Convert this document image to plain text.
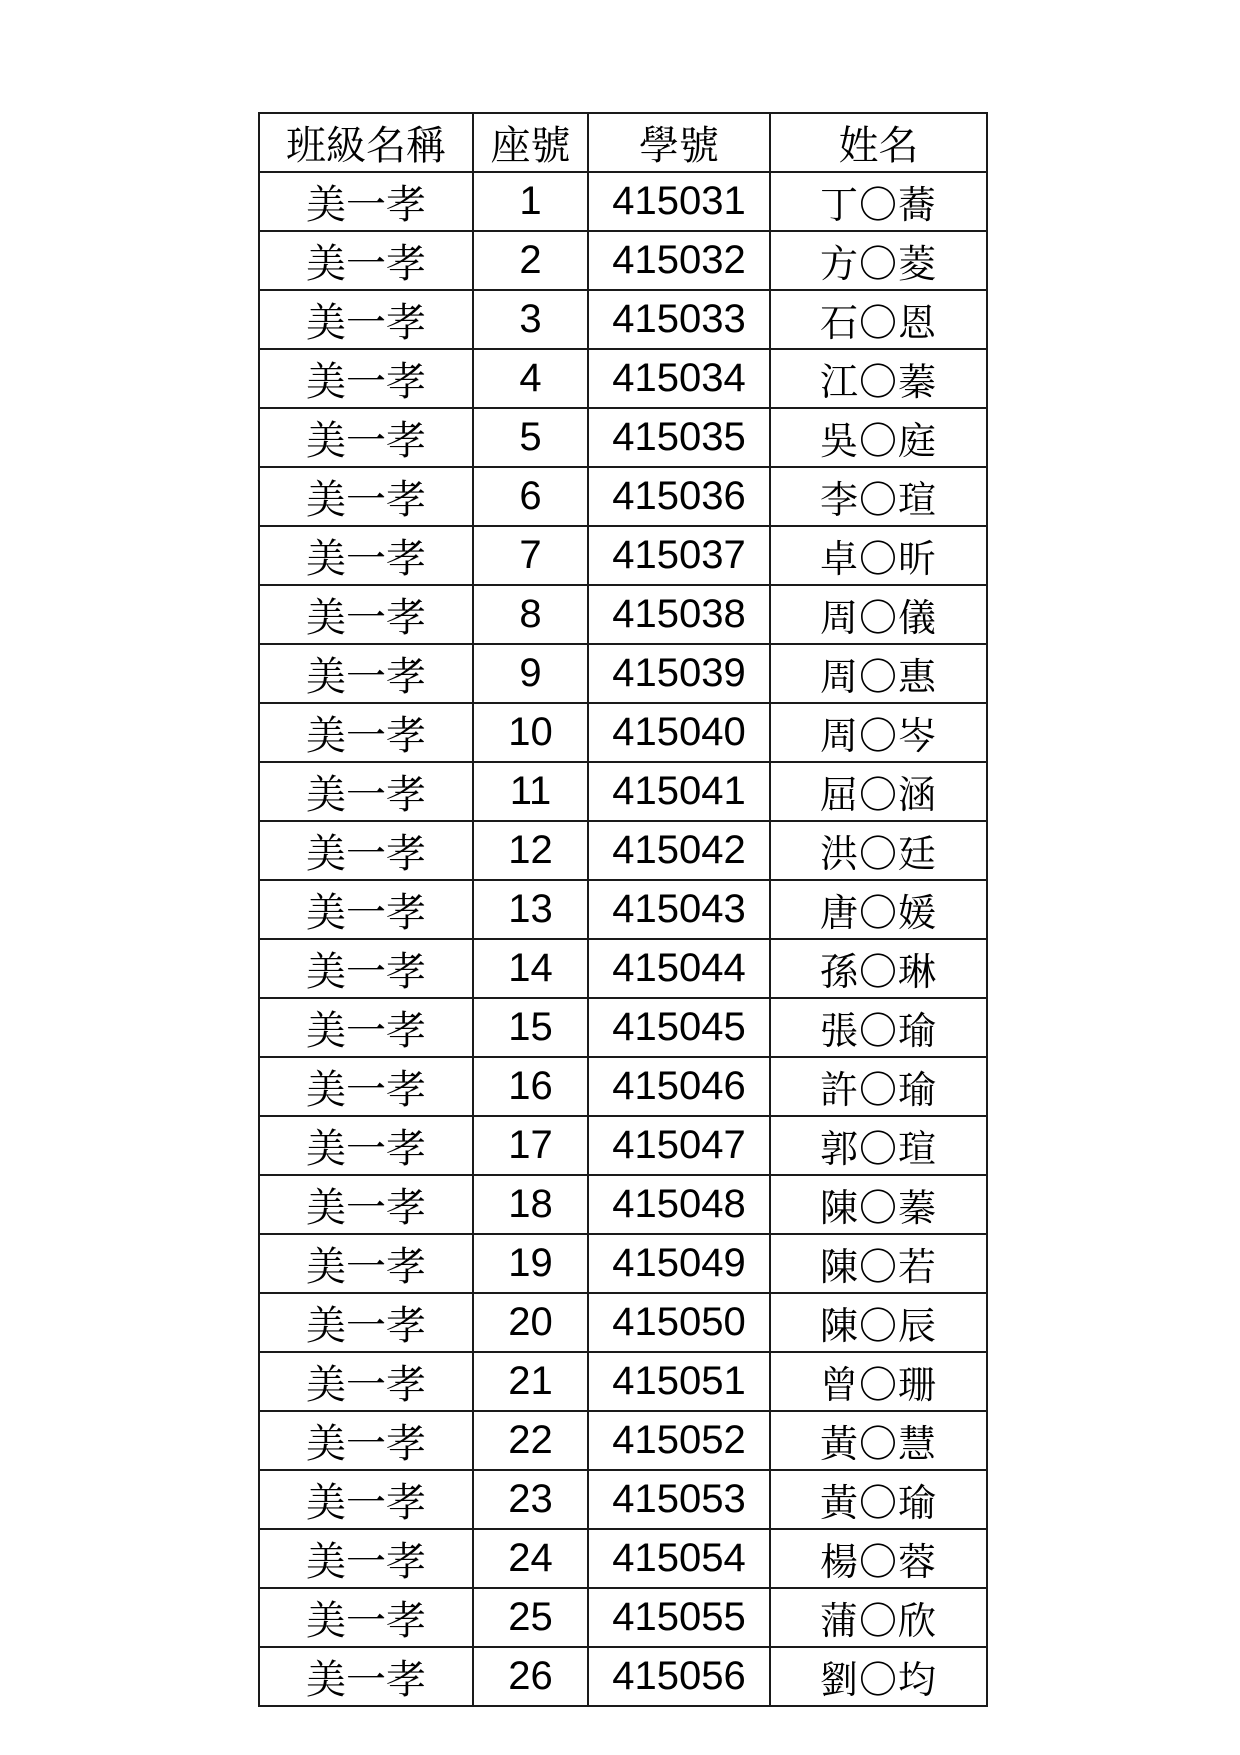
班級名稱	座號	學號	姓名
美一孝	1	415031	丁〇蕎
美一孝	2	415032	方〇菱
美一孝	3	415033	石〇恩
美一孝	4	415034	江〇蓁
美一孝	5	415035	吳〇庭
美一孝	6	415036	李〇瑄
美一孝	7	415037	卓〇昕
美一孝	8	415038	周〇儀
美一孝	9	415039	周〇惠
美一孝	10	415040	周〇岑
美一孝	11	415041	屈〇涵
美一孝	12	415042	洪〇廷
美一孝	13	415043	唐〇媛
美一孝	14	415044	孫〇琳
美一孝	15	415045	張〇瑜
美一孝	16	415046	許〇瑜
美一孝	17	415047	郭〇瑄
美一孝	18	415048	陳〇蓁
美一孝	19	415049	陳〇若
美一孝	20	415050	陳〇辰
美一孝	21	415051	曾〇珊
美一孝	22	415052	黃〇慧
美一孝	23	415053	黃〇瑜
美一孝	24	415054	楊〇蓉
美一孝	25	415055	蒲〇欣
美一孝	26	415056	劉〇均
